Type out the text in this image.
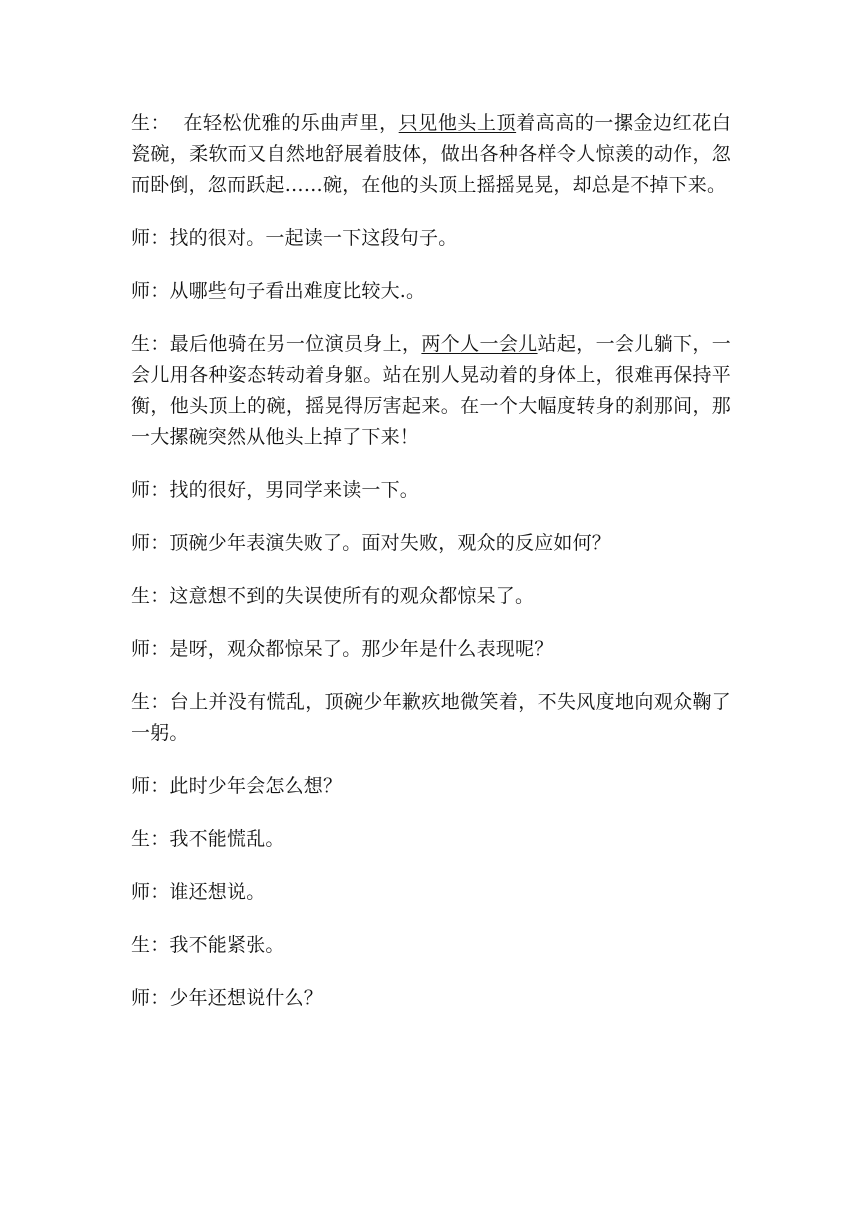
生：  在轻松优雅的乐曲声里，只见他头上顶着高高的一摞金边红花白瓷碗，柔软而又自然地舒展着肢体，做出各种各样令人惊羡的动作，忽而卧倒，忽而跃起……碗，在他的头顶上摇摇晃晃，却总是不掉下来。

师：找的很对。一起读一下这段句子。

师：从哪些句子看出难度比较大.。

生：最后他骑在另一位演员身上，两个人一会儿站起，一会儿躺下，一会儿用各种姿态转动着身躯。站在别人晃动着的身体上，很难再保持平衡，他头顶上的碗，摇晃得厉害起来。在一个大幅度转身的刹那间，那一大摞碗突然从他头上掉了下来！

师：找的很好，男同学来读一下。

师：顶碗少年表演失败了。面对失败，观众的反应如何？

生：这意想不到的失误使所有的观众都惊呆了。

师：是呀，观众都惊呆了。那少年是什么表现呢？

生：台上并没有慌乱，顶碗少年歉疚地微笑着，不失风度地向观众鞠了一躬。

师：此时少年会怎么想？

生：我不能慌乱。

师：谁还想说。

生：我不能紧张。

师：少年还想说什么？
